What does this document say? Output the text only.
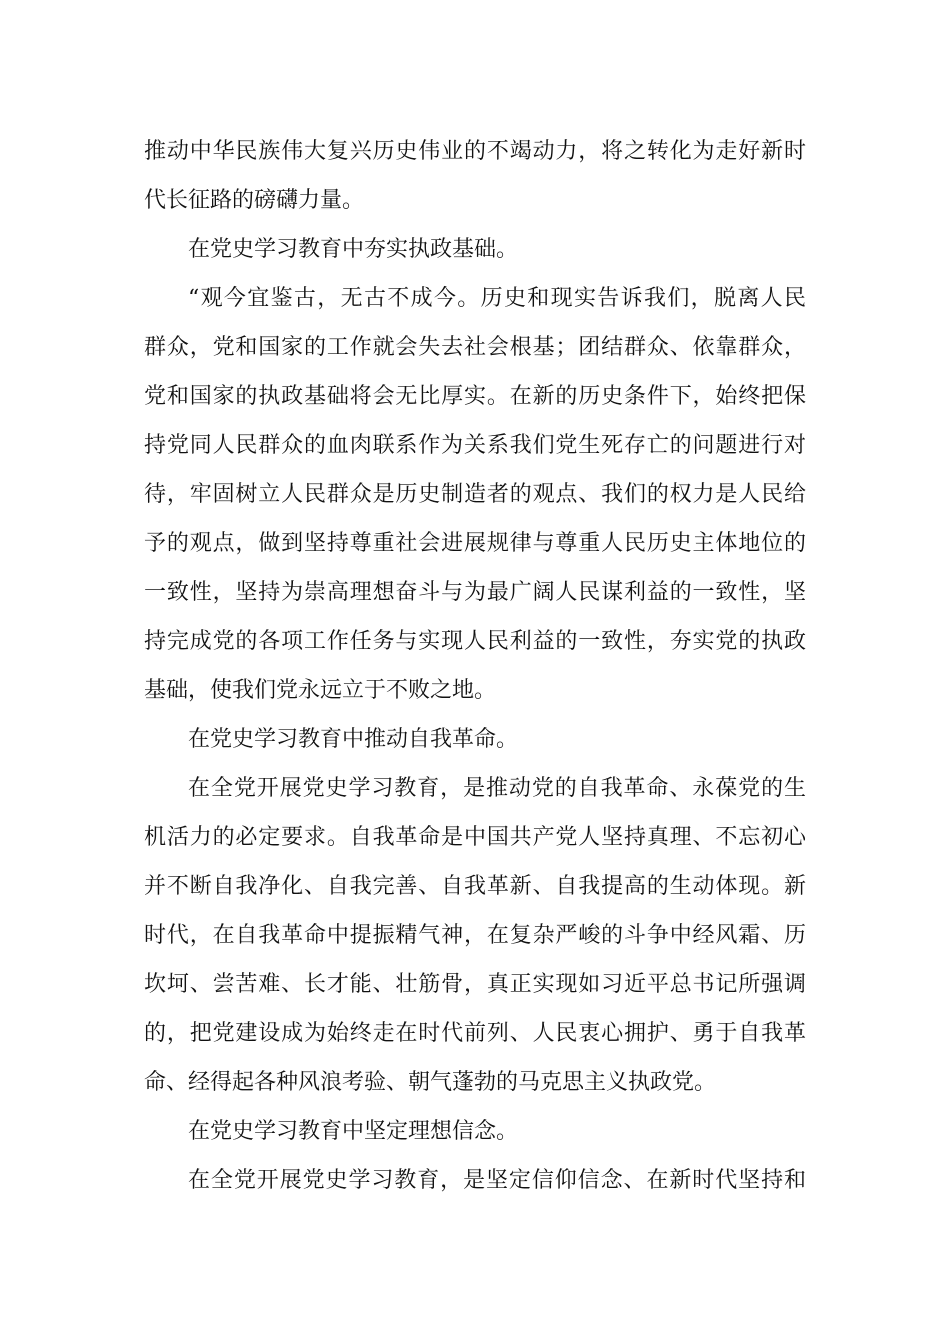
推动中华民族伟大复兴历史伟业的不竭动力，将之转化为走好新时
代长征路的磅礴力量。
在党史学习教育中夯实执政基础。
“观今宜鉴古，无古不成今。历史和现实告诉我们，脱离人民
群众，党和国家的工作就会失去社会根基；团结群众、依靠群众，
党和国家的执政基础将会无比厚实。在新的历史条件下，始终把保
持党同人民群众的血肉联系作为关系我们党生死存亡的问题进行对
待，牢固树立人民群众是历史制造者的观点、我们的权力是人民给
予的观点，做到坚持尊重社会进展规律与尊重人民历史主体地位的
一致性，坚持为崇高理想奋斗与为最广阔人民谋利益的一致性，坚
持完成党的各项工作任务与实现人民利益的一致性，夯实党的执政
基础，使我们党永远立于不败之地。
在党史学习教育中推动自我革命。
在全党开展党史学习教育，是推动党的自我革命、永葆党的生
机活力的必定要求。自我革命是中国共产党人坚持真理、不忘初心
并不断自我净化、自我完善、自我革新、自我提高的生动体现。新
时代，在自我革命中提振精气神，在复杂严峻的斗争中经风霜、历
坎坷、尝苦难、长才能、壮筋骨，真正实现如习近平总书记所强调
的，把党建设成为始终走在时代前列、人民衷心拥护、勇于自我革
命、经得起各种风浪考验、朝气蓬勃的马克思主义执政党。
在党史学习教育中坚定理想信念。
在全党开展党史学习教育，是坚定信仰信念、在新时代坚持和
